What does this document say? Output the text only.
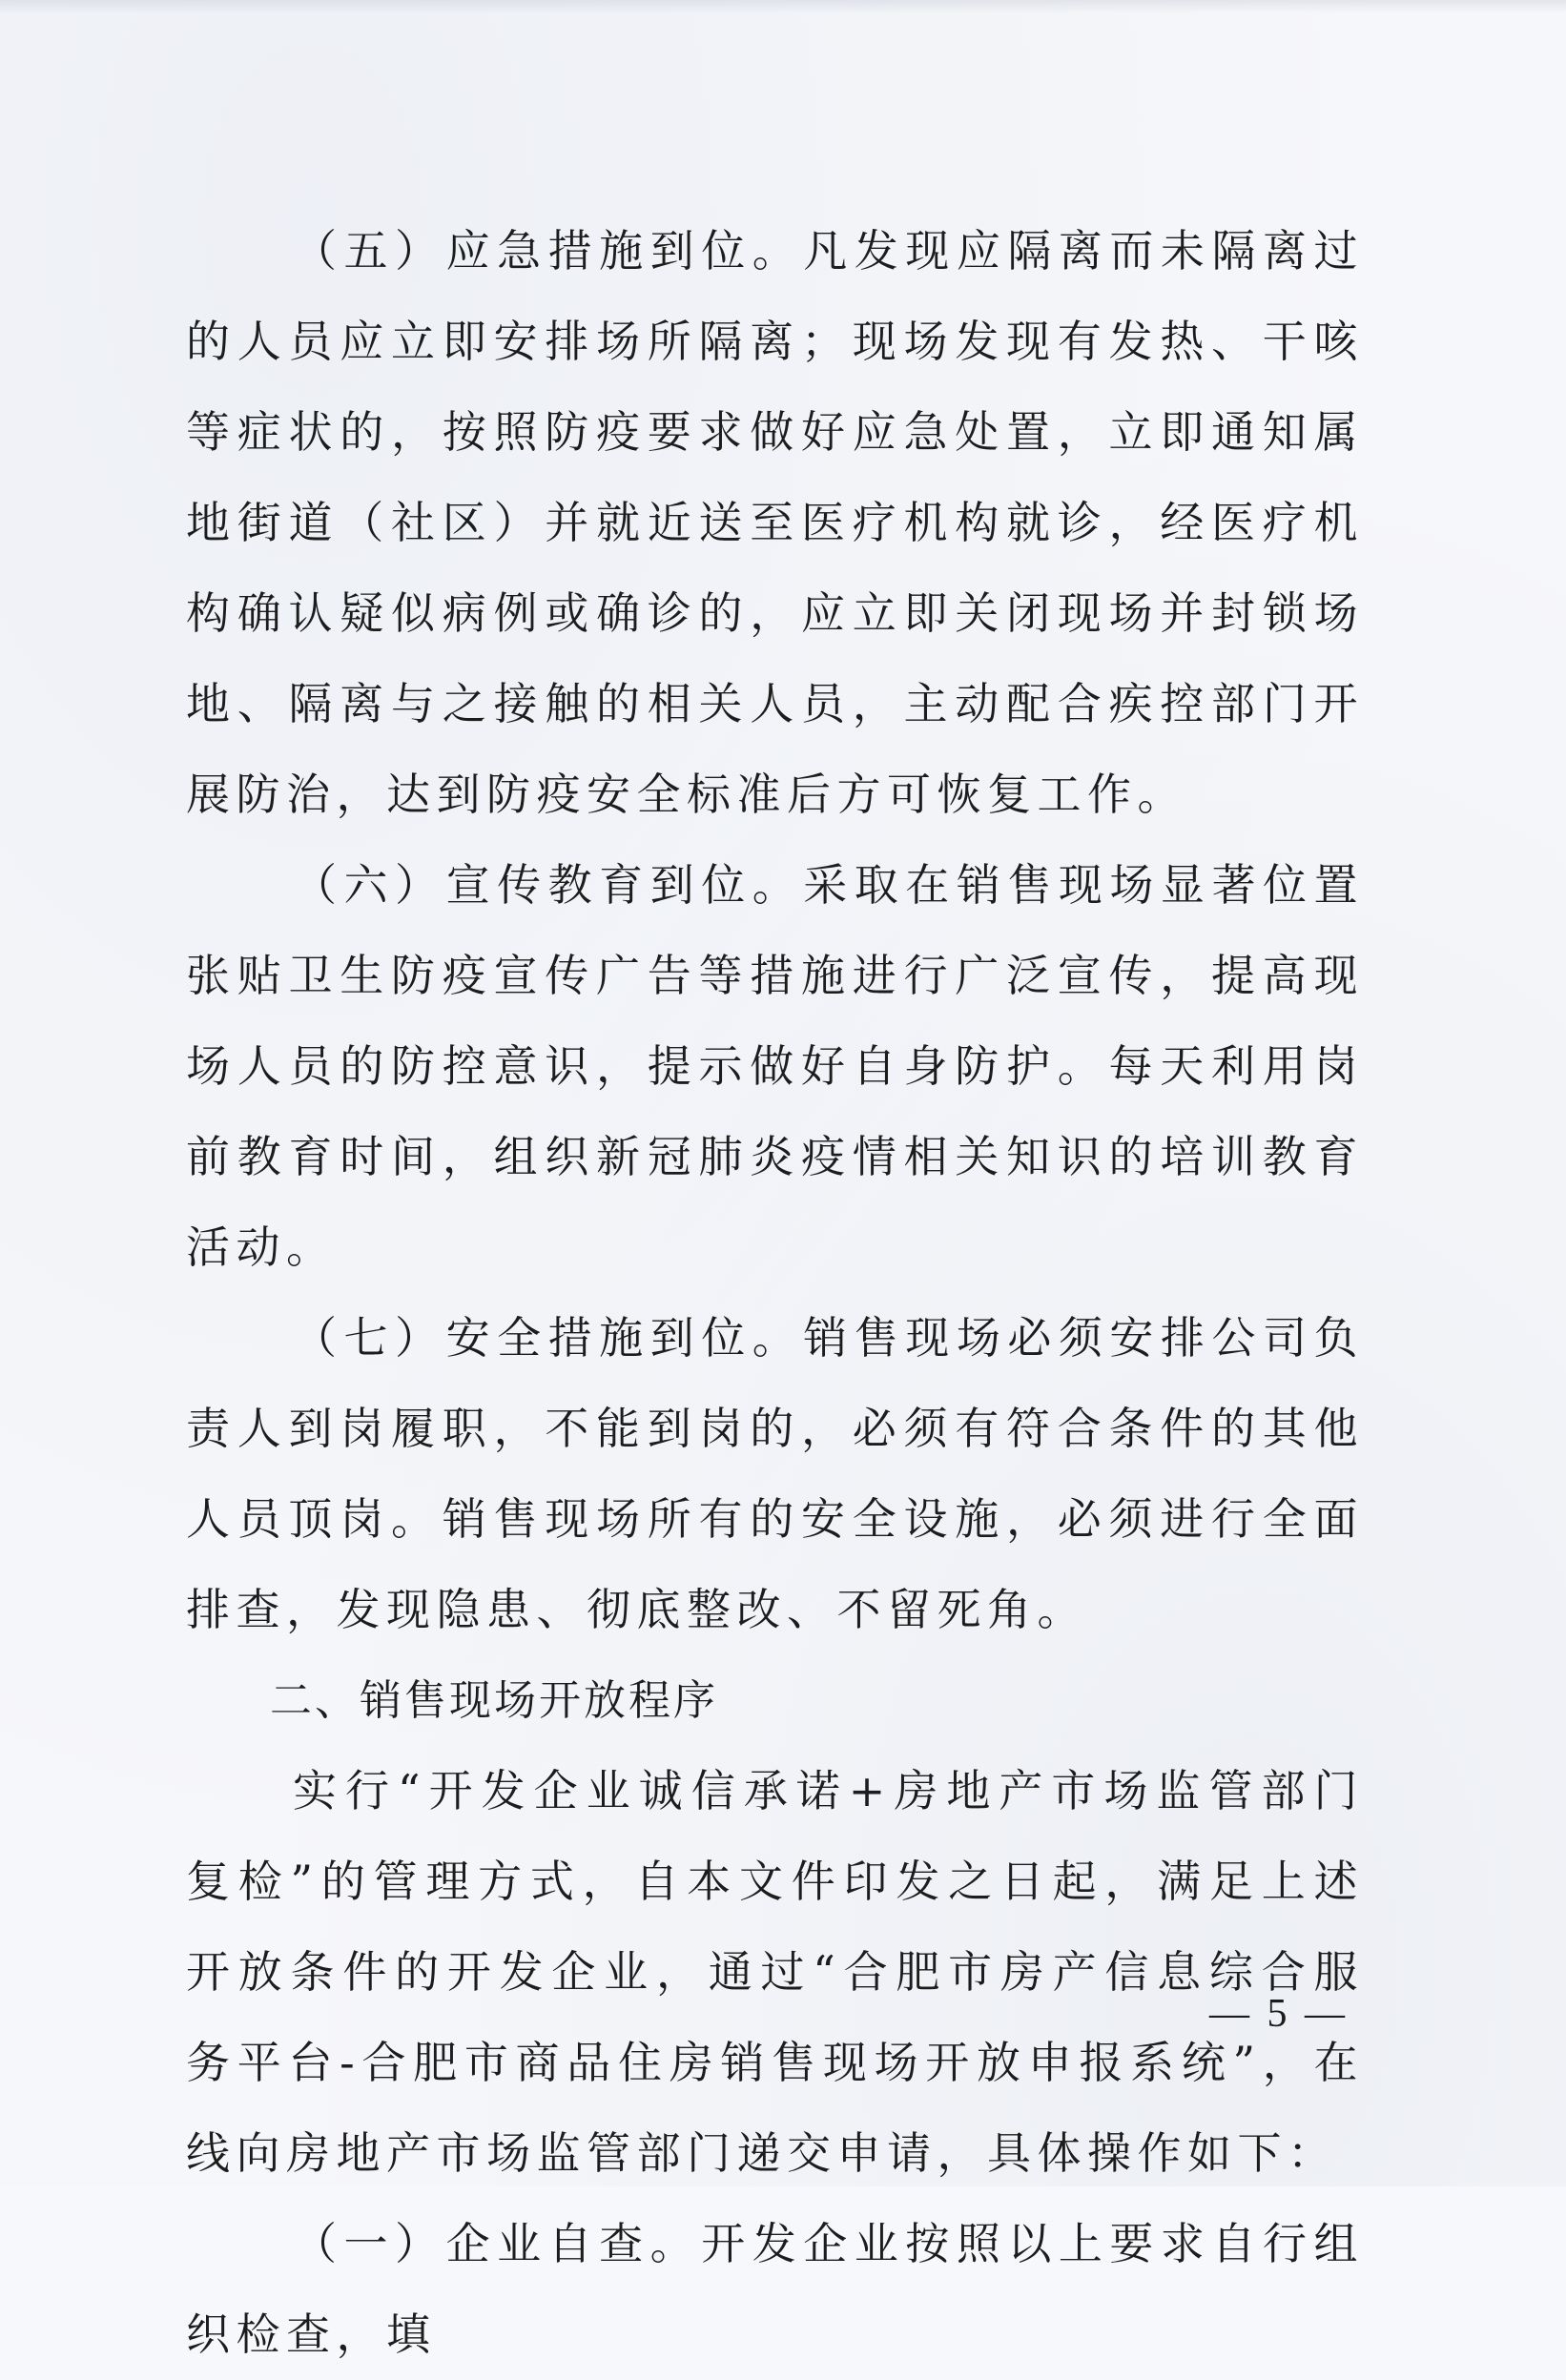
（五）应急措施到位。凡发现应隔离而未隔离过的人员应立即安排场所隔离；现场发现有发热、干咳等症状的，按照防疫要求做好应急处置，立即通知属地街道（社区）并就近送至医疗机构就诊，经医疗机构确认疑似病例或确诊的，应立即关闭现场并封锁场地、隔离与之接触的相关人员，主动配合疾控部门开展防治，达到防疫安全标准后方可恢复工作。

（六）宣传教育到位。采取在销售现场显著位置张贴卫生防疫宣传广告等措施进行广泛宣传，提高现场人员的防控意识，提示做好自身防护。每天利用岗前教育时间，组织新冠肺炎疫情相关知识的培训教育活动。

（七）安全措施到位。销售现场必须安排公司负责人到岗履职，不能到岗的，必须有符合条件的其他人员顶岗。销售现场所有的安全设施，必须进行全面排查，发现隐患、彻底整改、不留死角。

二、销售现场开放程序

实行“开发企业诚信承诺+房地产市场监管部门复检”的管理方式，自本文件印发之日起，满足上述开放条件的开发企业，通过“合肥市房产信息综合服务平台-合肥市商品住房销售现场开放申报系统”，在线向房地产市场监管部门递交申请，具体操作如下：

（一）企业自查。开发企业按照以上要求自行组织检查，填

— 5 —
